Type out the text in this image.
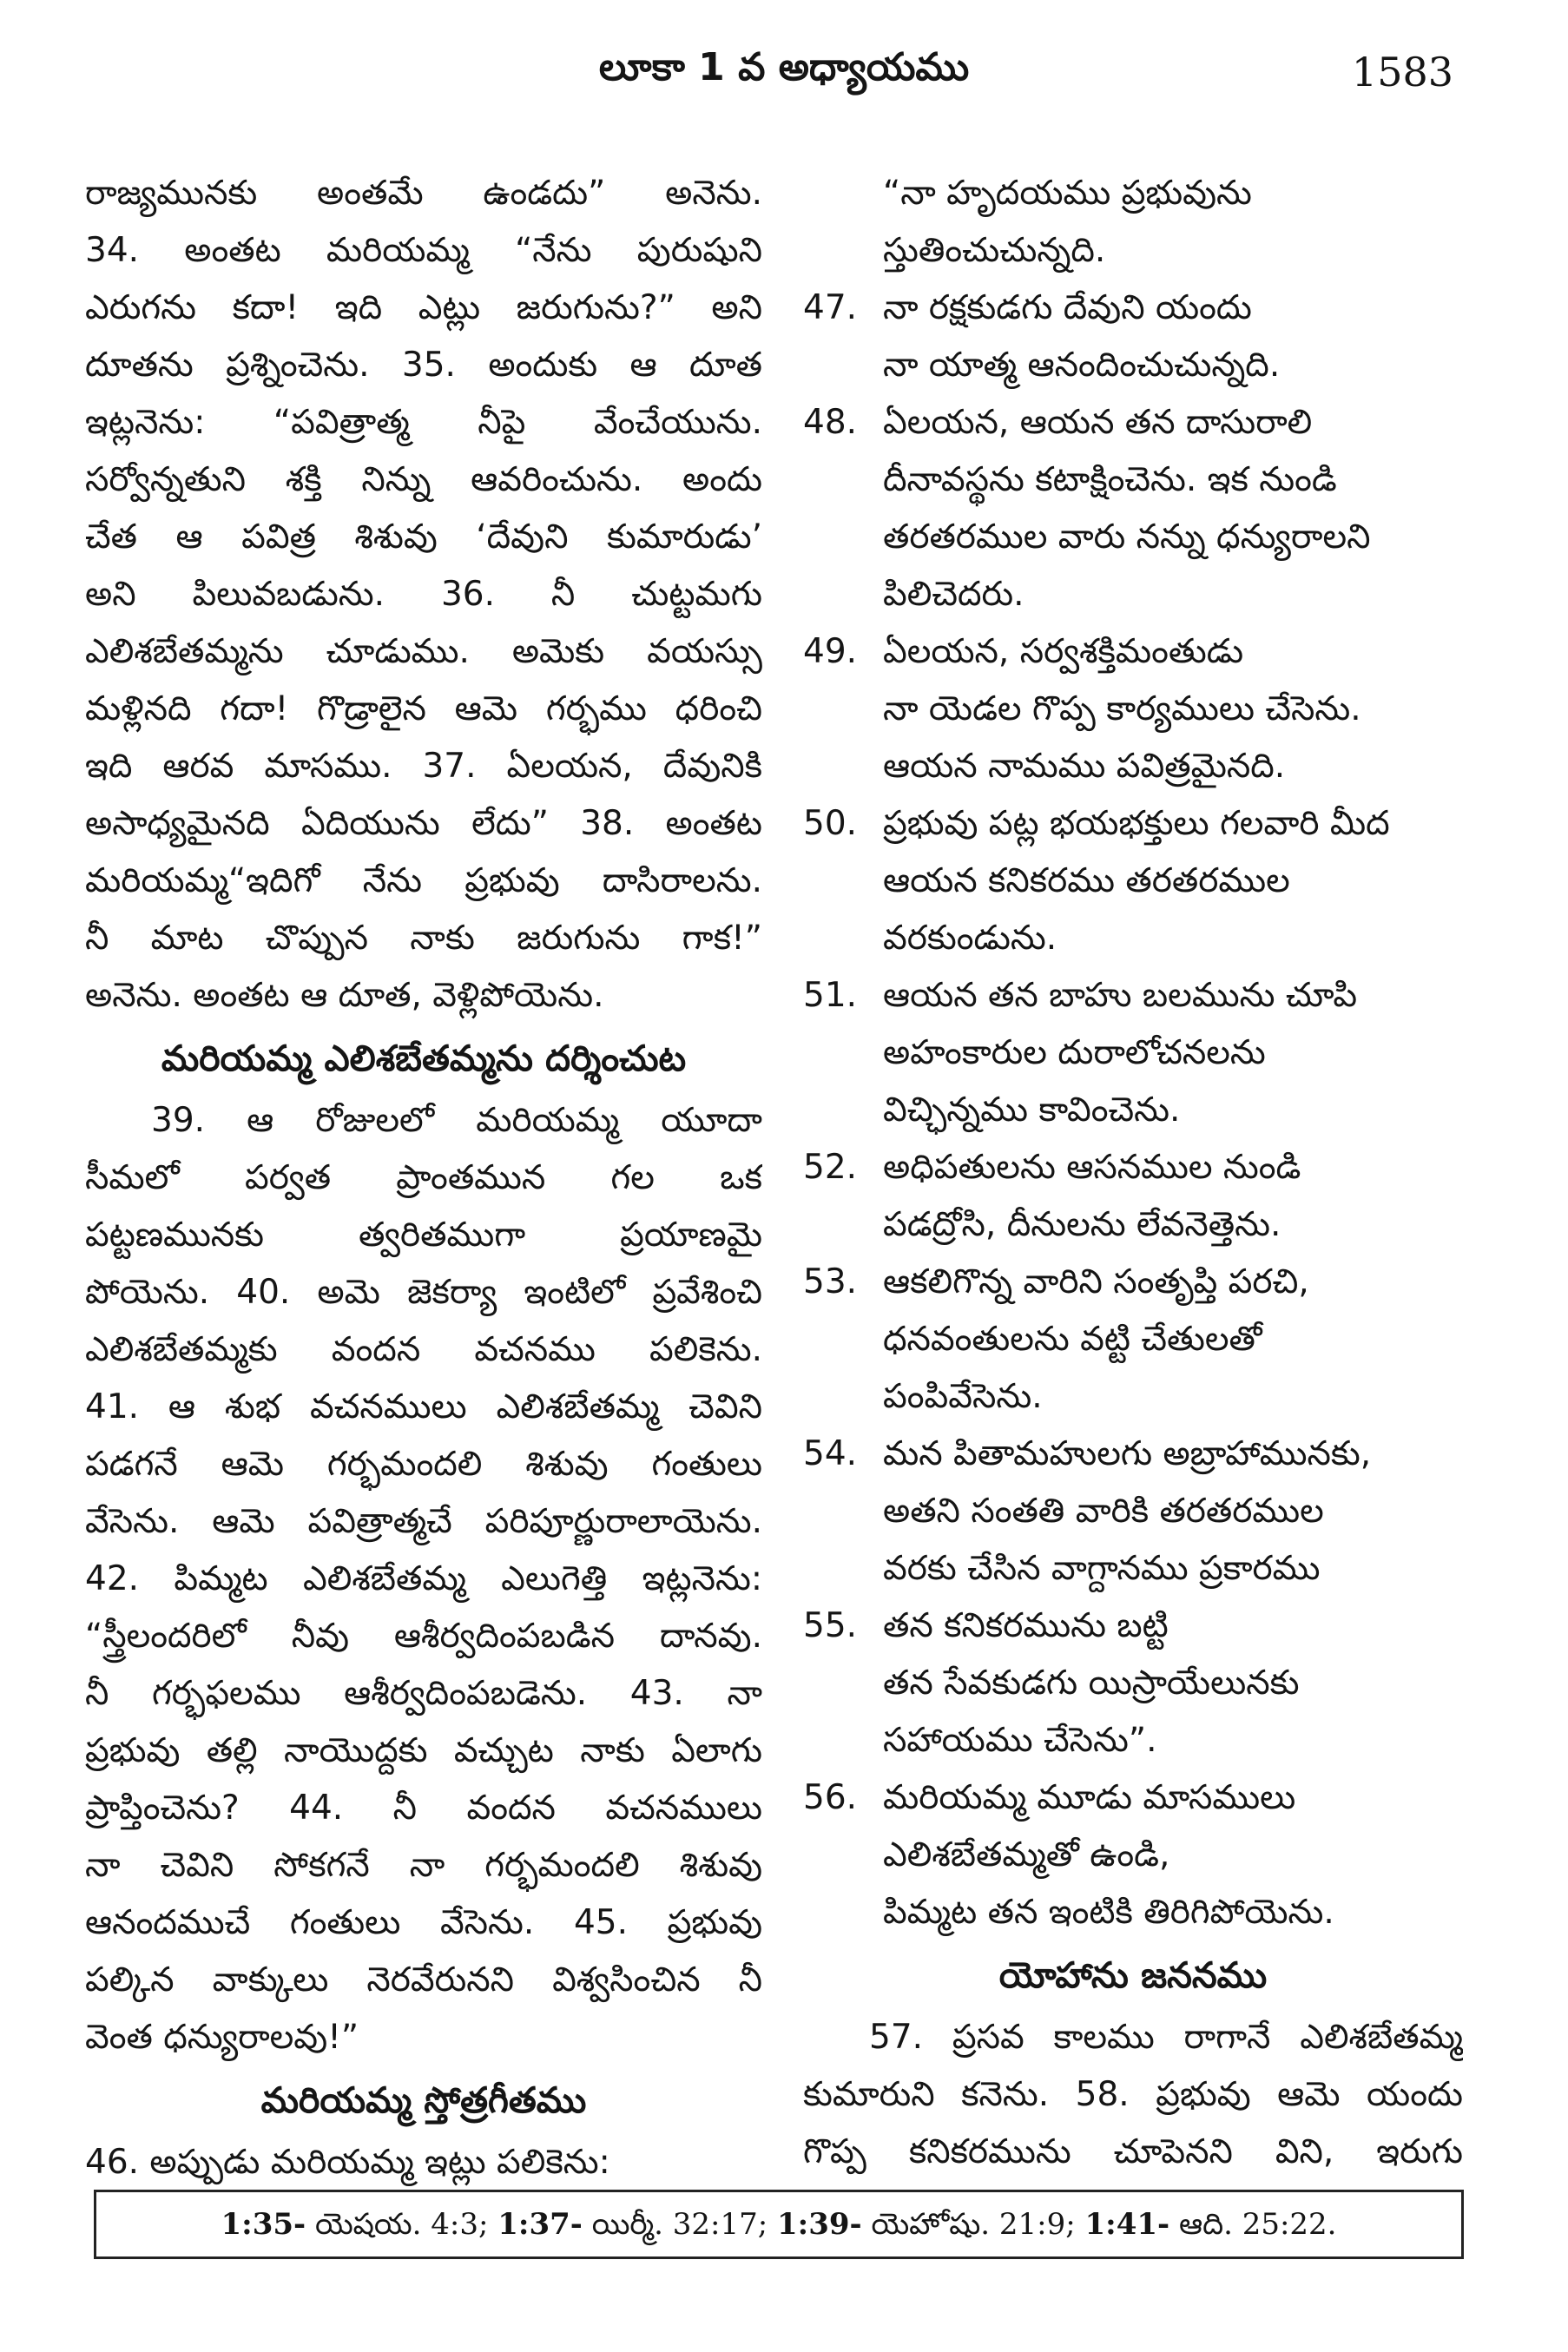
లూకా 1 వ అధ్యాయము	1583
రాజ్యమునకు అంతమే ఉండదు” అనెను.
34. అంతట మరియమ్మ “నేను పురుషుని
ఎరుగను కదా! ఇది ఎట్లు జరుగును?” అని
దూతను ప్రశ్నించెను. 35. అందుకు ఆ దూత
ఇట్లనెను: “పవిత్రాత్మ నీపై వేంచేయును.
సర్వోన్నతుని శక్తి నిన్ను ఆవరించును. అందు
చేత ఆ పవిత్ర శిశువు ‘దేవుని కుమారుడు’
అని పిలువబడును. 36. నీ చుట్టమగు
ఎలిశబేతమ్మను చూడుము. అమెకు వయస్సు
మళ్లినది గదా! గొడ్రాలైన ఆమె గర్భము ధరించి
ఇది ఆరవ మాసము. 37. ఏలయన, దేవునికి
అసాధ్యమైనది ఏదియును లేదు” 38. అంతట
మరియమ్మ“ఇదిగో నేను ప్రభువు దాసిరాలను.
నీ మాట చొప్పున నాకు జరుగును గాక!”
అనెను. అంతట ఆ దూత, వెళ్లిపోయెను.
మరియమ్మ ఎలిశబేతమ్మను దర్శించుట
39. ఆ రోజులలో మరియమ్మ యూదా
సీమలో పర్వత ప్రాంతమున గల ఒక
పట్టణమునకు త్వరితముగా ప్రయాణమై
పోయెను. 40. అమె జెకర్యా ఇంటిలో ప్రవేశించి
ఎలిశబేతమ్మకు వందన వచనము పలికెను.
41. ఆ శుభ వచనములు ఎలిశబేతమ్మ చెవిని
పడగనే ఆమె గర్భమందలి శిశువు గంతులు
వేసెను. ఆమె పవిత్రాత్మచే పరిపూర్ణురాలాయెను.
42. పిమ్మట ఎలిశబేతమ్మ ఎలుగెత్తి ఇట్లనెను:
“స్త్రీలందరిలో నీవు ఆశీర్వదింపబడిన దానవు.
నీ గర్భఫలము ఆశీర్వదింపబడెను. 43. నా
ప్రభువు తల్లి నాయొద్దకు వచ్చుట నాకు ఏలాగు
ప్రాప్తించెను? 44. నీ వందన వచనములు
నా చెవిని సోకగనే నా గర్భమందలి శిశువు
ఆనందముచే గంతులు వేసెను. 45. ప్రభువు
పల్కిన వాక్కులు నెరవేరునని విశ్వసించిన నీ
వెంత ధన్యురాలవు!”
మరియమ్మ స్తోత్రగీతము
46. అప్పుడు మరియమ్మ ఇట్లు పలికెను:
“నా హృదయము ప్రభువును
స్తుతించుచున్నది.
47. నా రక్షకుడగు దేవుని యందు
నా యాత్మ ఆనందించుచున్నది.
48. ఏలయన, ఆయన తన దాసురాలి
దీనావస్థను కటాక్షించెను. ఇక నుండి
తరతరముల వారు నన్ను ధన్యురాలని
పిలిచెదరు.
49. ఏలయన, సర్వశక్తిమంతుడు
నా యెడల గొప్ప కార్యములు చేసెను.
ఆయన నామము పవిత్రమైనది.
50. ప్రభువు పట్ల భయభక్తులు గలవారి మీద
ఆయన కనికరము తరతరముల
వరకుండును.
51. ఆయన తన బాహు బలమును చూపి
అహంకారుల దురాలోచనలను
విచ్ఛిన్నము కావించెను.
52. అధిపతులను ఆసనముల నుండి
పడద్రోసి, దీనులను లేవనెత్తెను.
53. ఆకలిగొన్న వారిని సంతృప్తి పరచి,
ధనవంతులను వట్టి చేతులతో
పంపివేసెను.
54. మన పితామహులగు అబ్రాహామునకు,
అతని సంతతి వారికి తరతరముల
వరకు చేసిన వాగ్దానము ప్రకారము
55. తన కనికరమును బట్టి
తన సేవకుడగు యిస్రాయేలునకు
సహాయము చేసెను”.
56. మరియమ్మ మూడు మాసములు
ఎలిశబేతమ్మతో ఉండి,
పిమ్మట తన ఇంటికి తిరిగిపోయెను.
యోహాను జననము
57. ప్రసవ కాలము రాగానే ఎలిశబేతమ్మ
కుమారుని కనెను. 58. ప్రభువు ఆమె యందు
గొప్ప కనికరమును చూపెనని విని, ఇరుగు
1:35- యెషయ. 4:3; 1:37- యిర్మీ. 32:17; 1:39- యెహోషు. 21:9; 1:41- ఆది. 25:22.
